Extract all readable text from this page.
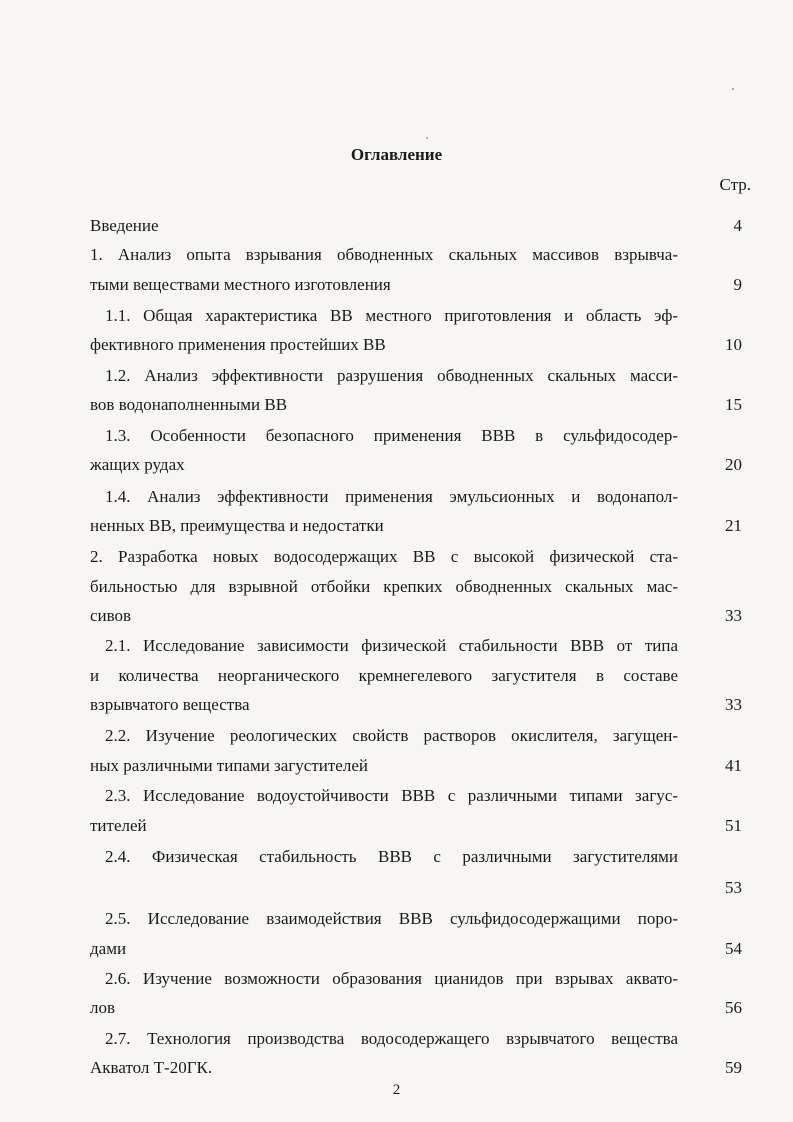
Оглавление
Стр.
Введение	4
1. Анализ опыта взрывания обводненных скальных массивов взрывча-
тыми веществами местного изготовления	9
1.1. Общая характеристика ВВ местного приготовления и область эф-
фективного применения простейших ВВ	10
1.2. Анализ эффективности разрушения обводненных скальных масси-
вов водонаполненными ВВ	15
1.3. Особенности безопасного применения ВВВ в сульфидосодер-
жащих рудах	20
1.4. Анализ эффективности применения эмульсионных и водонапол-
ненных ВВ, преимущества и недостатки	21
2. Разработка новых водосодержащих ВВ с высокой физической ста-
бильностью для взрывной отбойки крепких обводненных скальных мас-
сивов	33
2.1. Исследование зависимости физической стабильности ВВВ от типа
и количества неорганического кремнегелевого загустителя в составе
взрывчатого вещества	33
2.2. Изучение реологических свойств растворов окислителя, загущен-
ных различными типами загустителей	41
2.3. Исследование водоустойчивости ВВВ с различными типами загус-
тителей	51
2.4. Физическая стабильность ВВВ с различными загустителями
53
2.5. Исследование взаимодействия ВВВ сульфидосодержащими поро-
дами	54
2.6. Изучение возможности образования цианидов при взрывах аквато-
лов	56
2.7. Технология производства водосодержащего взрывчатого вещества
Акватол Т-20ГК.	59
2
